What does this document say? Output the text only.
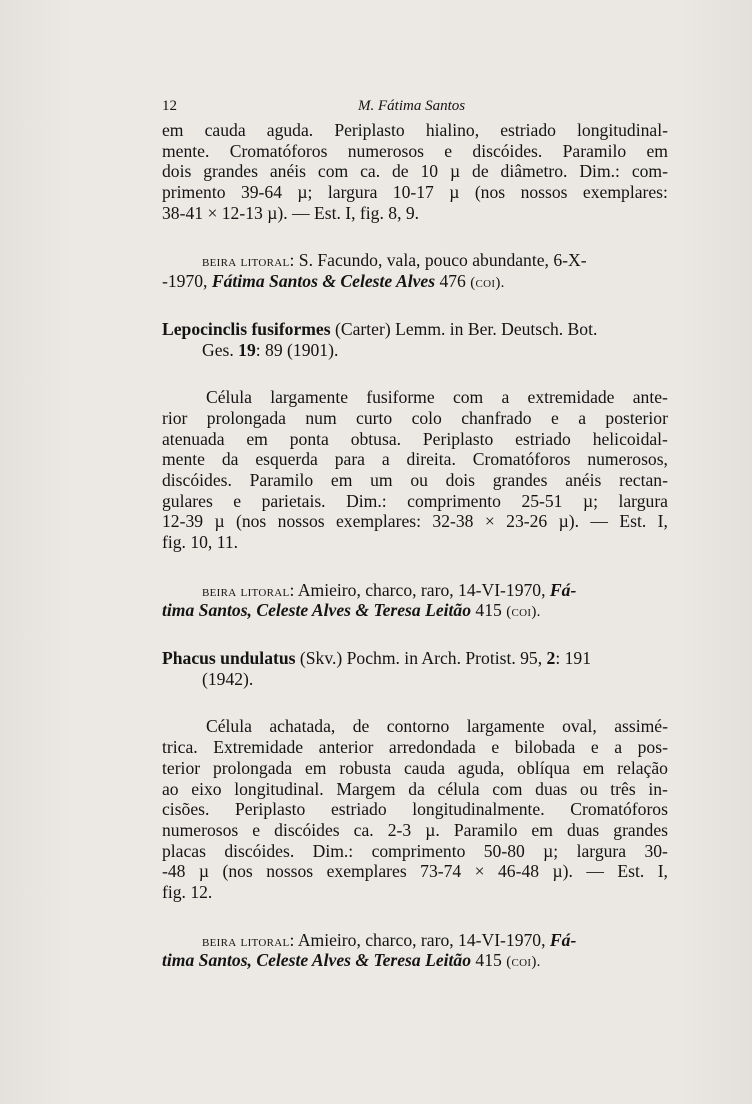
12	M. Fátima Santos
em cauda aguda. Periplasto hialino, estriado longitudinal-
mente. Cromatóforos numerosos e discóides. Paramilo em
dois grandes anéis com ca. de 10 µ de diâmetro. Dim.: com-
primento 39-64 µ; largura 10-17 µ (nos nossos exemplares:
38-41 × 12-13 µ). — Est. I, fig. 8, 9.
beira litoral: S. Facundo, vala, pouco abundante, 6-X-
-1970, Fátima Santos & Celeste Alves 476 (coi).
Lepocinclis fusiformes (Carter) Lemm. in Ber. Deutsch. Bot.
Ges. 19: 89 (1901).
Célula largamente fusiforme com a extremidade ante-
rior prolongada num curto colo chanfrado e a posterior
atenuada em ponta obtusa. Periplasto estriado helicoidal-
mente da esquerda para a direita. Cromatóforos numerosos,
discóides. Paramilo em um ou dois grandes anéis rectan-
gulares e parietais. Dim.: comprimento 25-51 µ; largura
12-39 µ (nos nossos exemplares: 32-38 × 23-26 µ). — Est. I,
fig. 10, 11.
beira litoral: Amieiro, charco, raro, 14-VI-1970, Fá-
tima Santos, Celeste Alves & Teresa Leitão 415 (coi).
Phacus undulatus (Skv.) Pochm. in Arch. Protist. 95, 2: 191
(1942).
Célula achatada, de contorno largamente oval, assimé-
trica. Extremidade anterior arredondada e bilobada e a pos-
terior prolongada em robusta cauda aguda, oblíqua em relação
ao eixo longitudinal. Margem da célula com duas ou três in-
cisões. Periplasto estriado longitudinalmente. Cromatóforos
numerosos e discóides ca. 2-3 µ. Paramilo em duas grandes
placas discóides. Dim.: comprimento 50-80 µ; largura 30-
-48 µ (nos nossos exemplares 73-74 × 46-48 µ). — Est. I,
fig. 12.
beira litoral: Amieiro, charco, raro, 14-VI-1970, Fá-
tima Santos, Celeste Alves & Teresa Leitão 415 (coi).
